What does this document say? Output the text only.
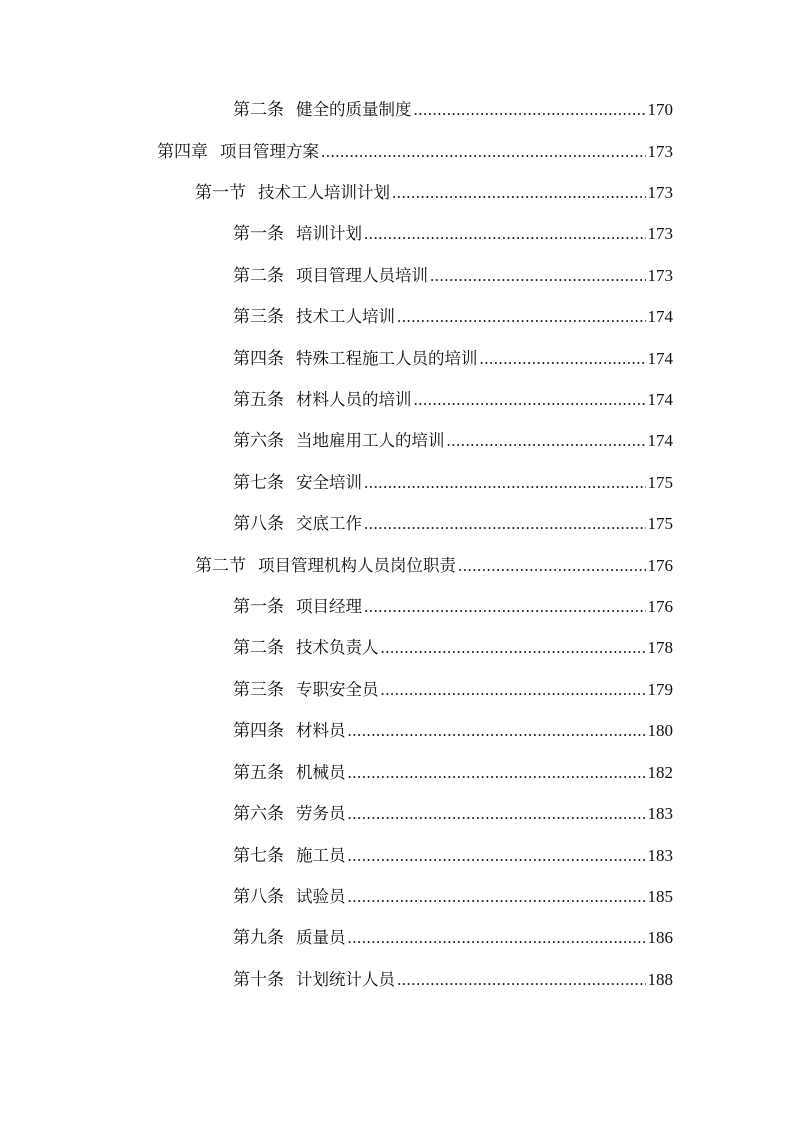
第二条 健全的质量制度 .....	170
第四章 项目管理方案 .....	173
第一节 技术工人培训计划 .....	173
第一条 培训计划 .....	173
第二条 项目管理人员培训 .....	173
第三条 技术工人培训 .....	174
第四条 特殊工程施工人员的培训 .....	174
第五条 材料人员的培训 .....	174
第六条 当地雇用工人的培训 .....	174
第七条 安全培训 .....	175
第八条 交底工作 .....	175
第二节 项目管理机构人员岗位职责 .....	176
第一条 项目经理 .....	176
第二条 技术负责人 .....	178
第三条 专职安全员 .....	179
第四条 材料员 .....	180
第五条 机械员 .....	182
第六条 劳务员 .....	183
第七条 施工员 .....	183
第八条 试验员 .....	185
第九条 质量员 .....	186
第十条 计划统计人员 .....	188
